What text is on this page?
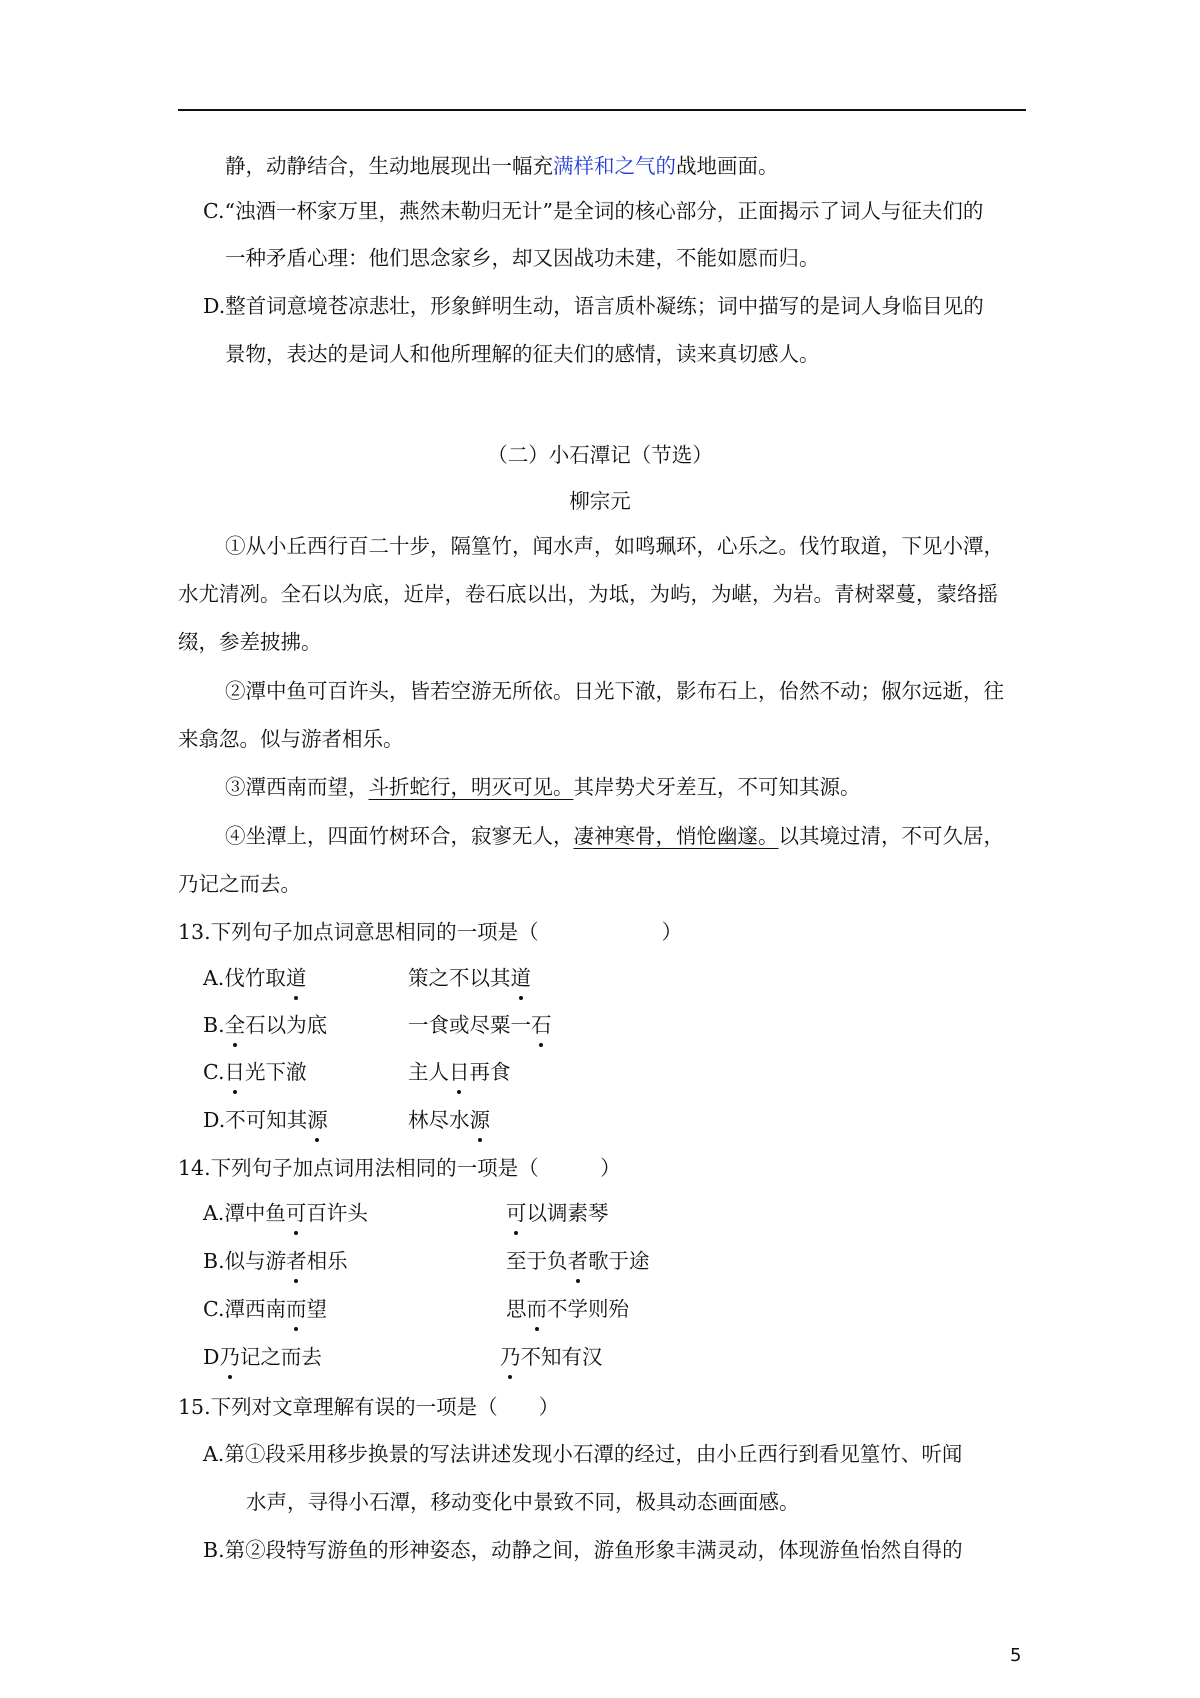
静，动静结合，生动地展现出一幅充满样和之气的战地画面。
C.“浊酒一杯家万里，燕然未勒归无计”是全词的核心部分，正面揭示了词人与征夫们的
一种矛盾心理：他们思念家乡，却又因战功未建，不能如愿而归。
D.整首词意境苍凉悲壮，形象鲜明生动，语言质朴凝练；词中描写的是词人身临目见的
景物，表达的是词人和他所理解的征夫们的感情，读来真切感人。
（二）小石潭记（节选）
柳宗元
①从小丘西行百二十步，隔篁竹，闻水声，如鸣珮环，心乐之。伐竹取道，下见小潭，
水尤清冽。全石以为底，近岸，卷石底以出，为坻，为屿，为嵁，为岩。青树翠蔓，蒙络摇
缀，参差披拂。
②潭中鱼可百许头，皆若空游无所依。日光下澈，影布石上，佁然不动；俶尔远逝，往
来翕忽。似与游者相乐。
③潭西南而望，斗折蛇行，明灭可见。其岸势犬牙差互，不可知其源。
④坐潭上，四面竹树环合，寂寥无人，凄神寒骨，悄怆幽邃。以其境过清，不可久居，
乃记之而去。
13.下列句子加点词意思相同的一项是（　　　　　　）
A.伐竹取道	策之不以其道
B.全石以为底	一食或尽粟一石
C.日光下澈	主人日再食
D.不可知其源	林尽水源
14.下列句子加点词用法相同的一项是（　　　）
A.潭中鱼可百许头	可以调素琴
B.似与游者相乐	至于负者歌于途
C.潭西南而望	思而不学则殆
D乃记之而去	乃不知有汉
15.下列对文章理解有误的一项是（　　）
A.第①段采用移步换景的写法讲述发现小石潭的经过，由小丘西行到看见篁竹、听闻
水声，寻得小石潭，移动变化中景致不同，极具动态画面感。
B.第②段特写游鱼的形神姿态，动静之间，游鱼形象丰满灵动，体现游鱼怡然自得的
5
